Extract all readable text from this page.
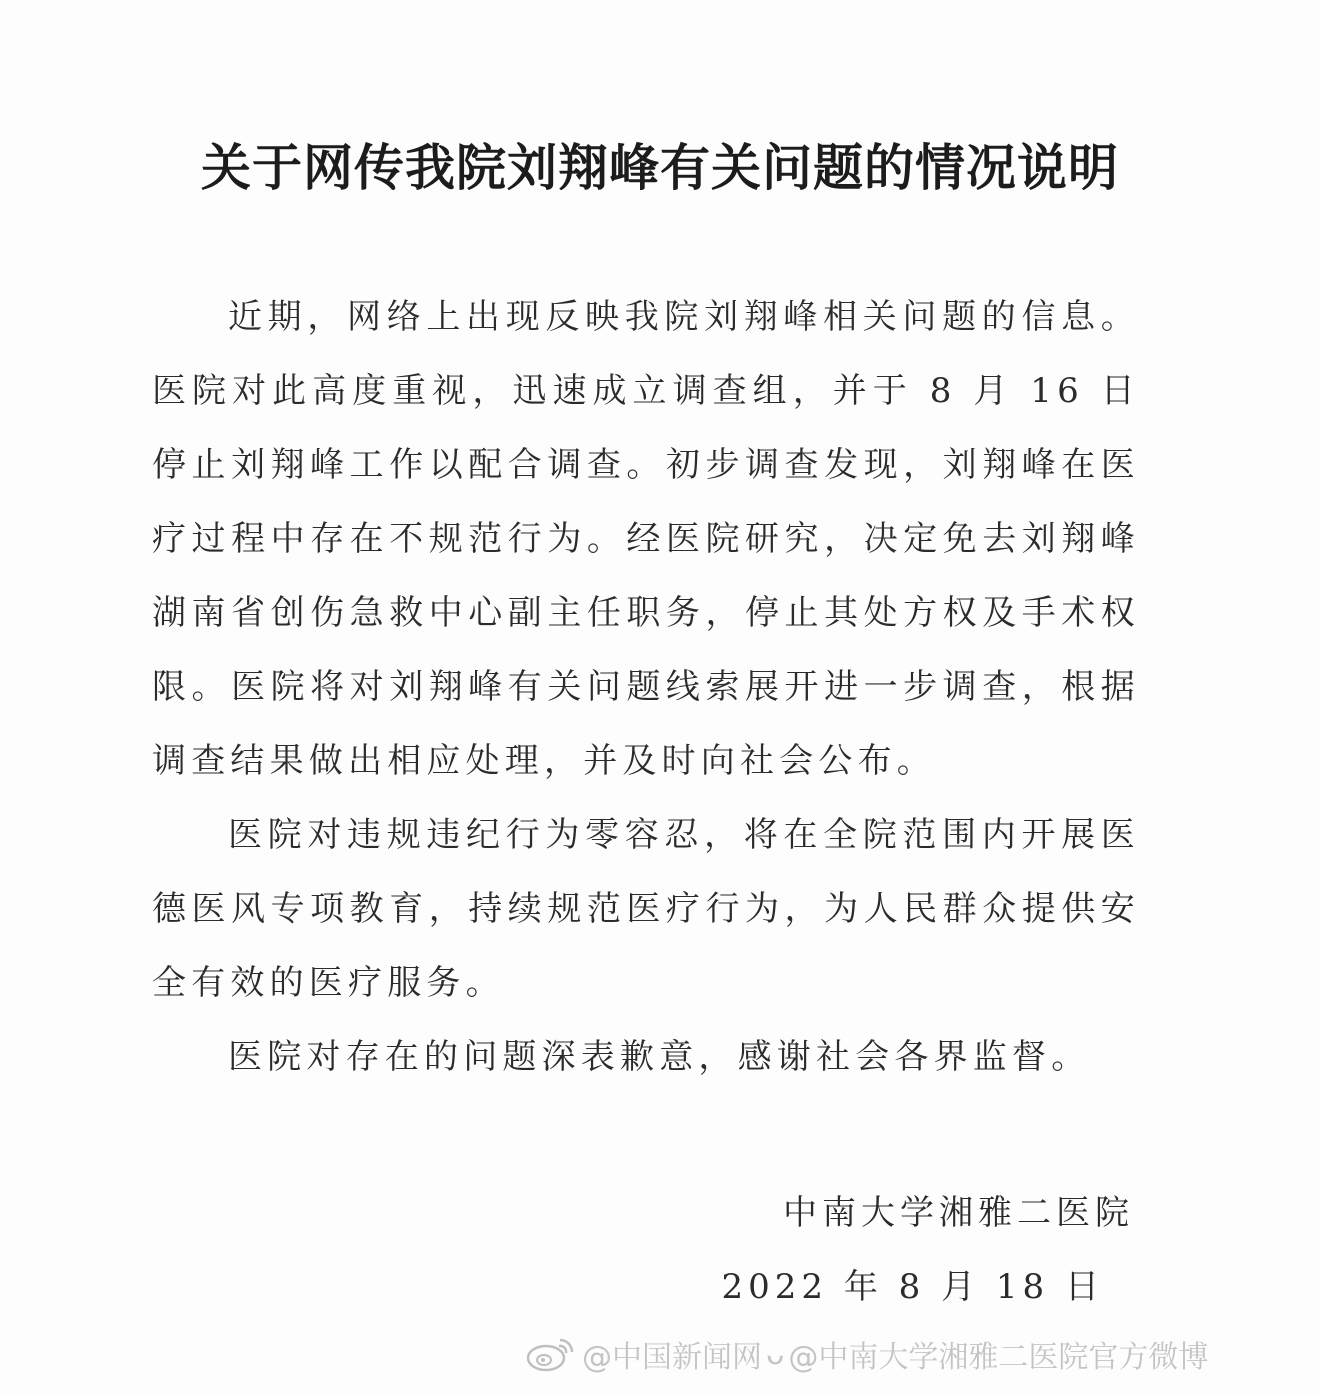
关于网传我院刘翔峰有关问题的情况说明

近期，网络上出现反映我院刘翔峰相关问题的信息。医院对此高度重视，迅速成立调查组，并于 8 月 16 日停止刘翔峰工作以配合调查。初步调查发现，刘翔峰在医疗过程中存在不规范行为。经医院研究，决定免去刘翔峰湖南省创伤急救中心副主任职务，停止其处方权及手术权限。医院将对刘翔峰有关问题线索展开进一步调查，根据调查结果做出相应处理，并及时向社会公布。

医院对违规违纪行为零容忍，将在全院范围内开展医德医风专项教育，持续规范医疗行为，为人民群众提供安全有效的医疗服务。

医院对存在的问题深表歉意，感谢社会各界监督。

中南大学湘雅二医院
2022 年 8 月 18 日
@中国新闻网 ᴗ @中南大学湘雅二医院官方微博
